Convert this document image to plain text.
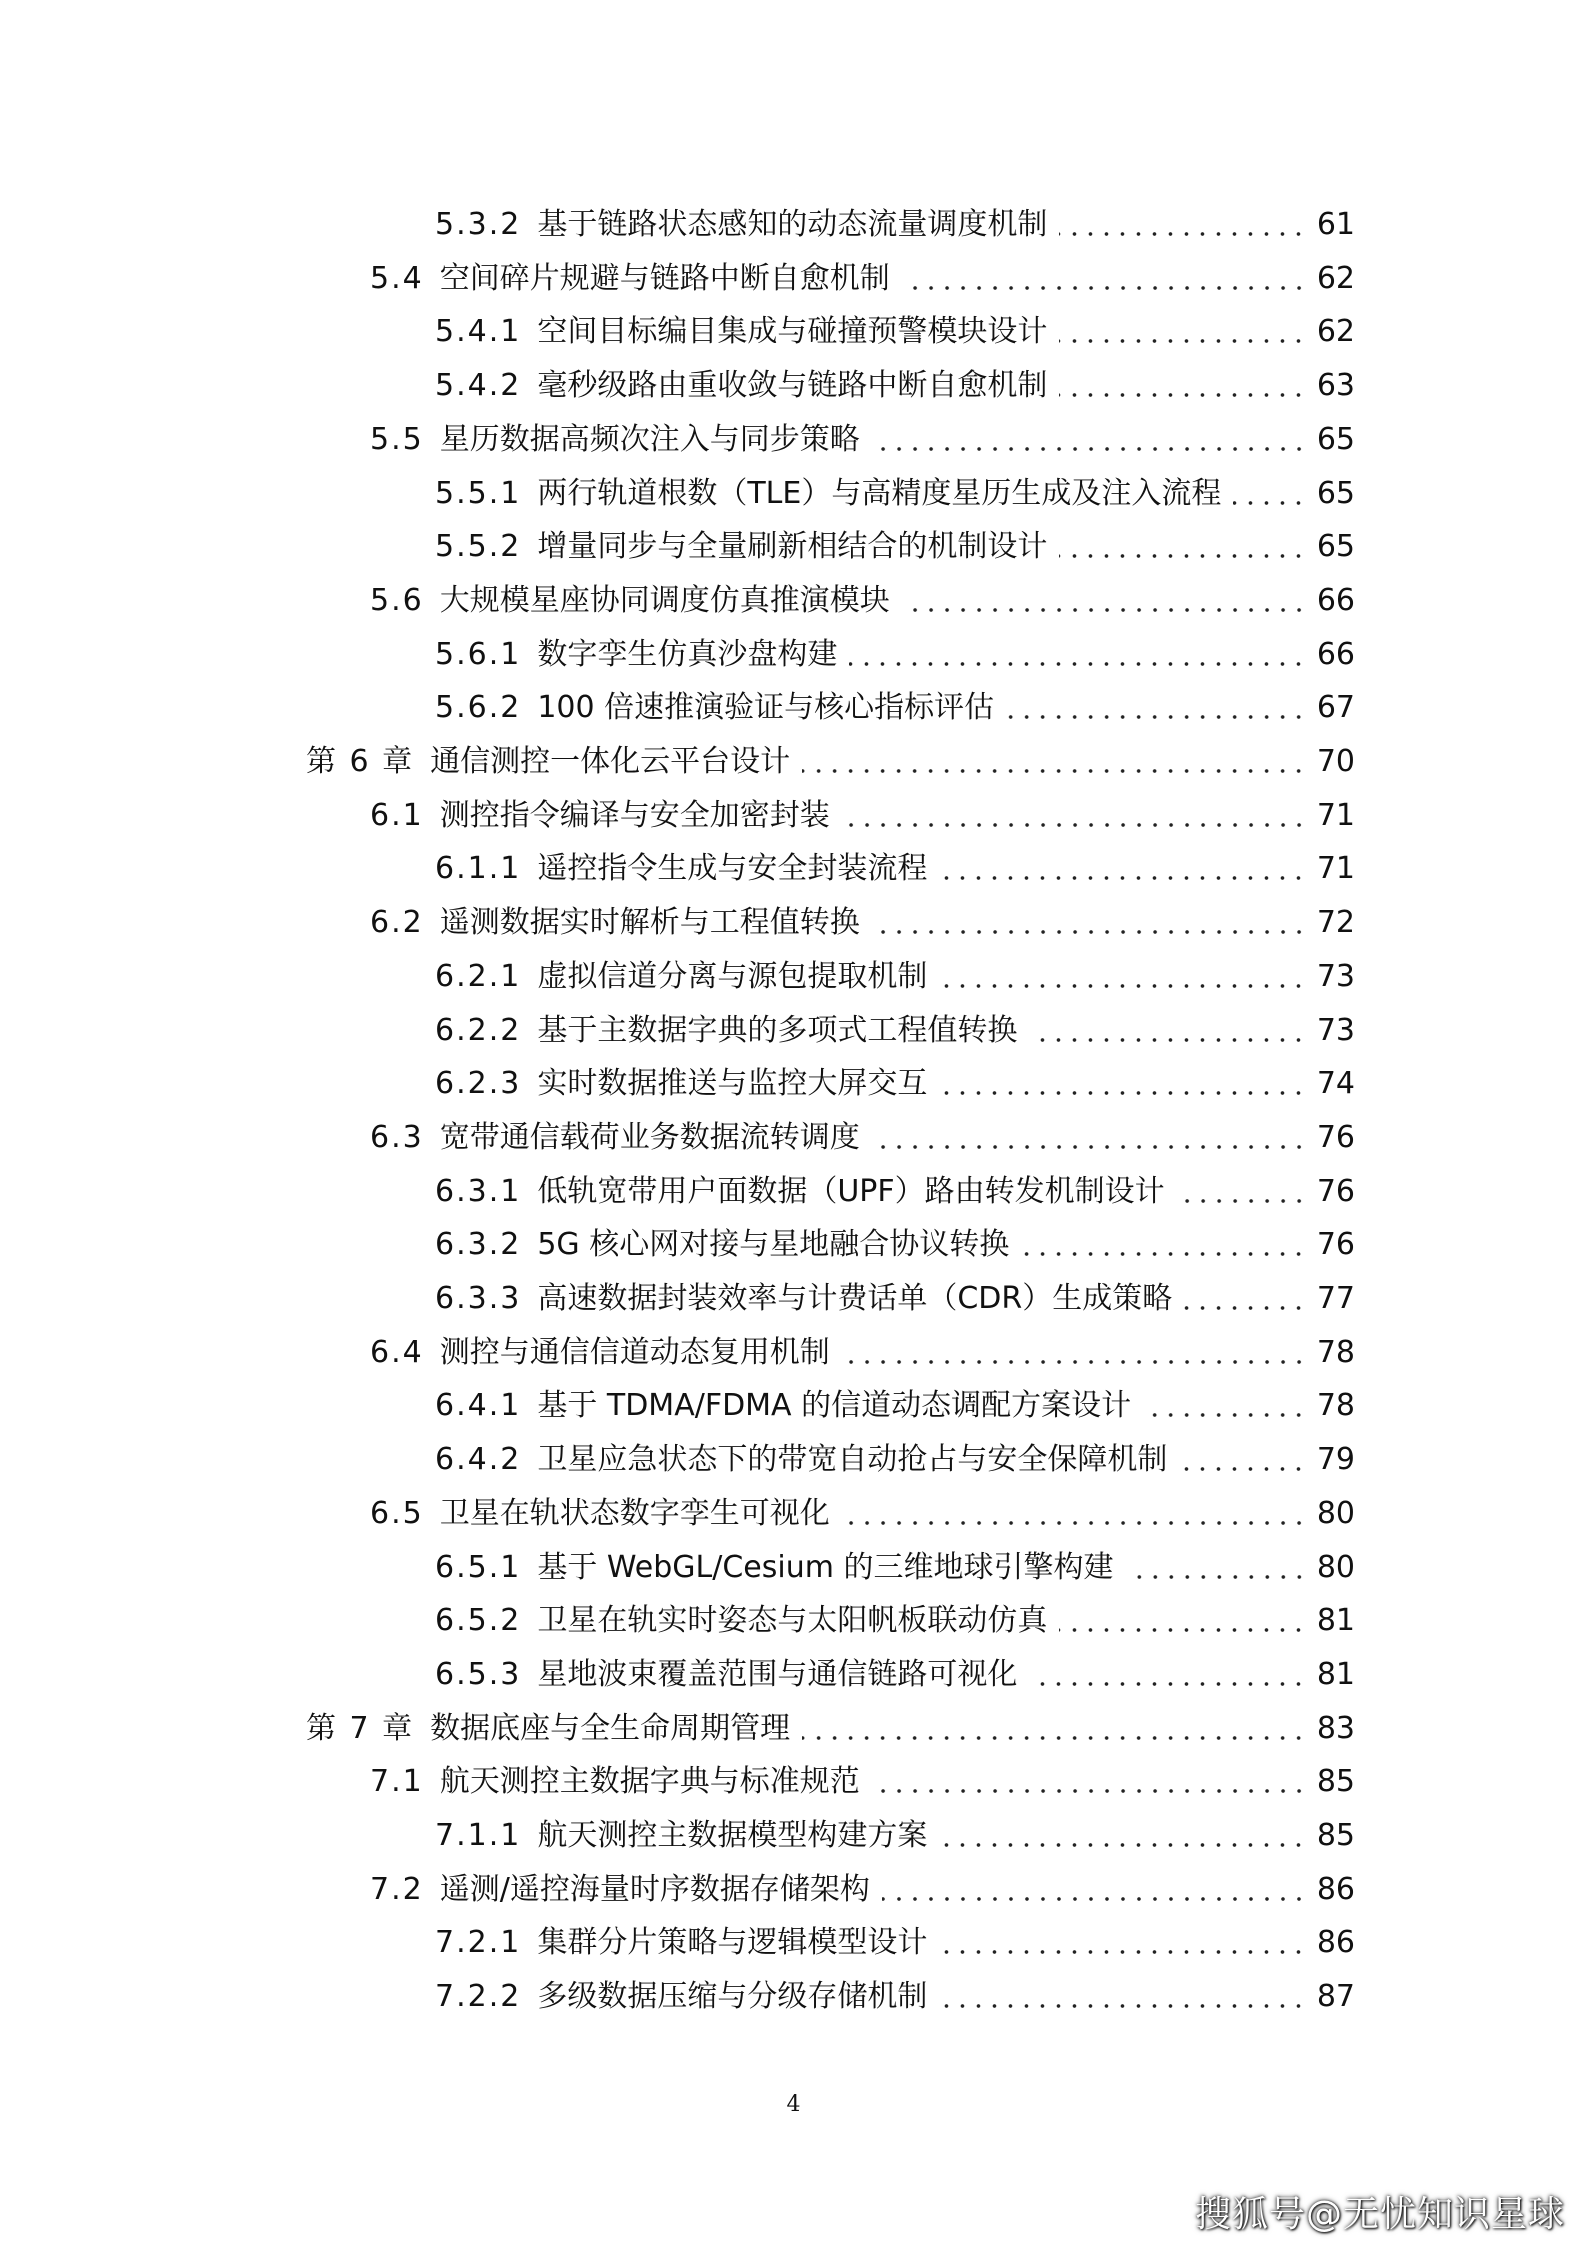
5.3.2 基于链路状态感知的动态流量调度机制	61
5.4 空间碎片规避与链路中断自愈机制	62
5.4.1 空间目标编目集成与碰撞预警模块设计	62
5.4.2 毫秒级路由重收敛与链路中断自愈机制	63
5.5 星历数据高频次注入与同步策略	65
5.5.1 两行轨道根数（TLE）与高精度星历生成及注入流程	65
5.5.2 增量同步与全量刷新相结合的机制设计	65
5.6 大规模星座协同调度仿真推演模块	66
5.6.1 数字孪生仿真沙盘构建	66
5.6.2 100 倍速推演验证与核心指标评估	67
第 6 章 通信测控一体化云平台设计	70
6.1 测控指令编译与安全加密封装	71
6.1.1 遥控指令生成与安全封装流程	71
6.2 遥测数据实时解析与工程值转换	72
6.2.1 虚拟信道分离与源包提取机制	73
6.2.2 基于主数据字典的多项式工程值转换	73
6.2.3 实时数据推送与监控大屏交互	74
6.3 宽带通信载荷业务数据流转调度	76
6.3.1 低轨宽带用户面数据（UPF）路由转发机制设计	76
6.3.2 5G 核心网对接与星地融合协议转换	76
6.3.3 高速数据封装效率与计费话单（CDR）生成策略	77
6.4 测控与通信信道动态复用机制	78
6.4.1 基于 TDMA/FDMA 的信道动态调配方案设计	78
6.4.2 卫星应急状态下的带宽自动抢占与安全保障机制	79
6.5 卫星在轨状态数字孪生可视化	80
6.5.1 基于 WebGL/Cesium 的三维地球引擎构建	80
6.5.2 卫星在轨实时姿态与太阳帆板联动仿真	81
6.5.3 星地波束覆盖范围与通信链路可视化	81
第 7 章 数据底座与全生命周期管理	83
7.1 航天测控主数据字典与标准规范	85
7.1.1 航天测控主数据模型构建方案	85
7.2 遥测/遥控海量时序数据存储架构	86
7.2.1 集群分片策略与逻辑模型设计	86
7.2.2 多级数据压缩与分级存储机制	87
4
搜狐号@无忧知识星球
